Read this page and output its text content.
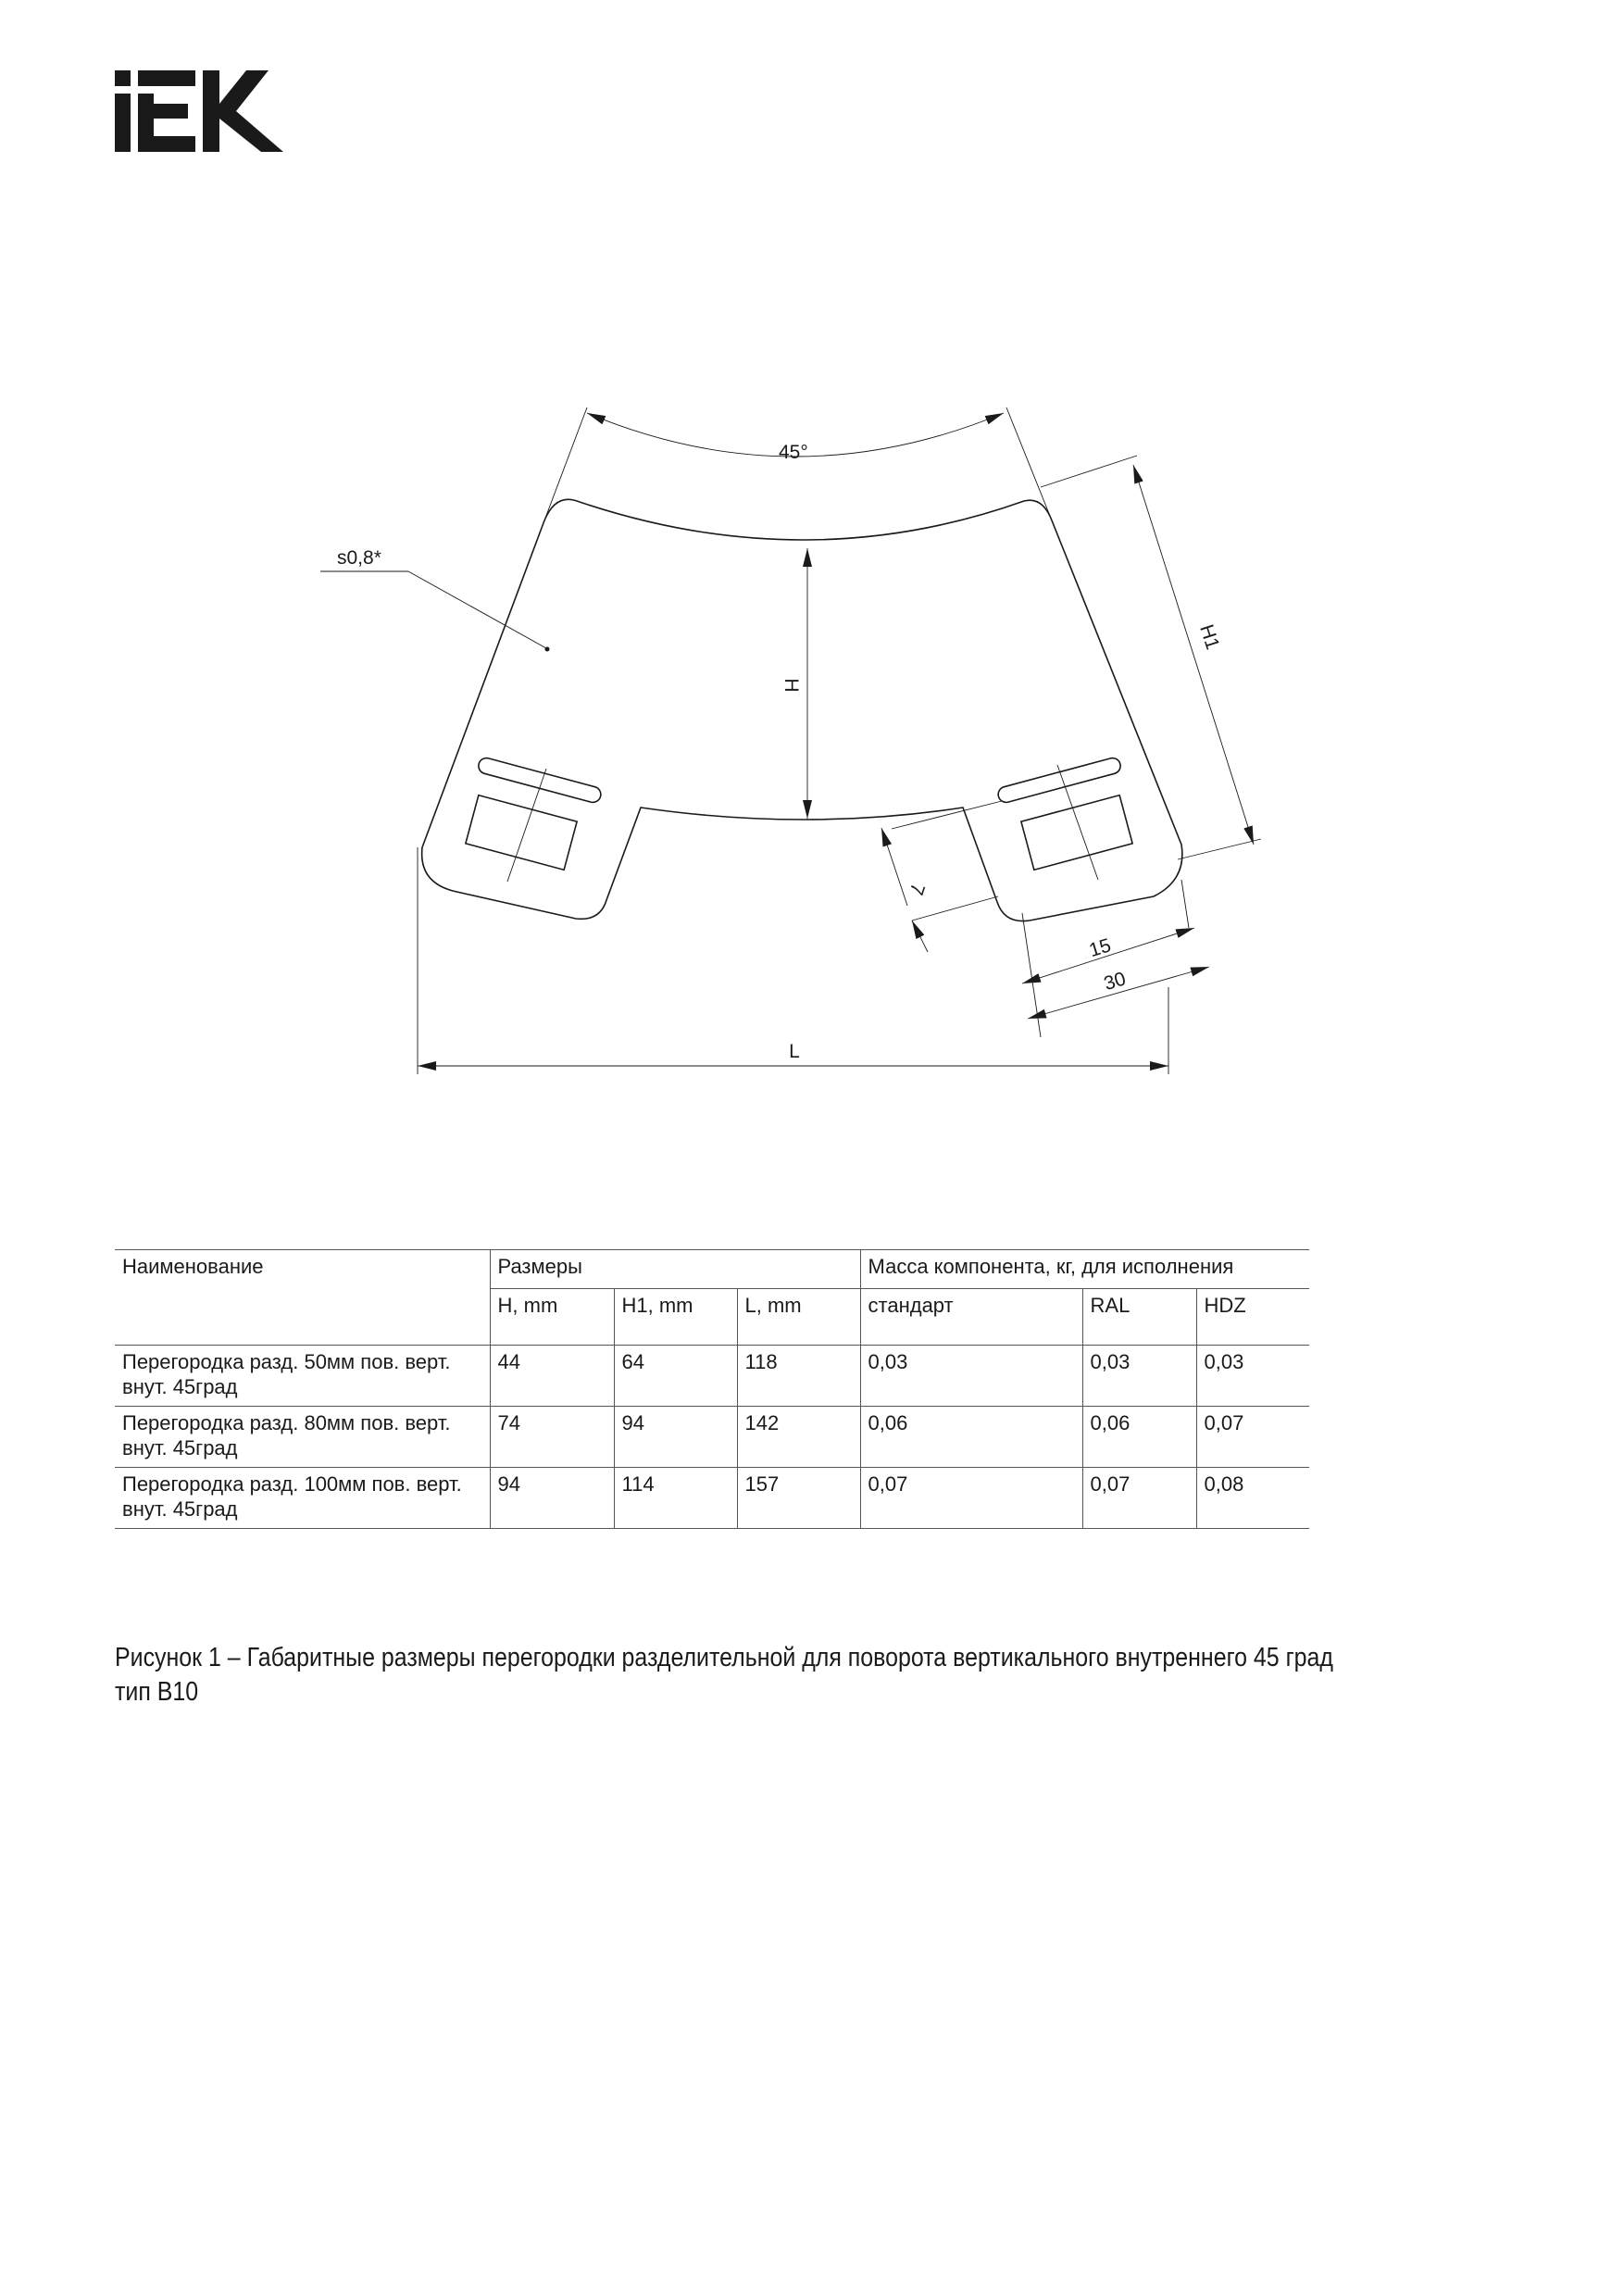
45°
s0,8*
H
H1
7
15
30
L
Наименование	Размеры			Масса компонента, кг, для исполнения		
	H, mm	H1, mm	L, mm	стандарт	RAL	HDZ
Перегородка разд. 50мм пов. верт. внут. 45град	44	64	118	0,03	0,03	0,03
Перегородка разд. 80мм пов. верт. внут. 45град	74	94	142	0,06	0,06	0,07
Перегородка разд. 100мм пов. верт. внут. 45град	94	114	157	0,07	0,07	0,08
Рисунок 1 – Габаритные размеры перегородки разделительной для поворота вертикального внутреннего 45 град тип B10
